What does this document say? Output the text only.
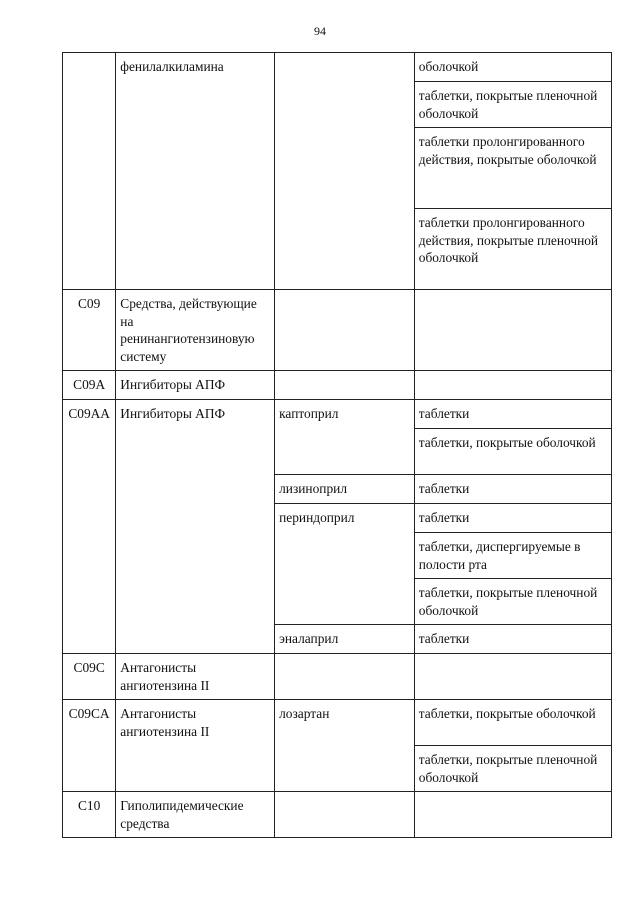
94
	фенилалкиламина		оболочкой
			таблетки, покрытые пленочной оболочкой
			таблетки пролонгированного действия, покрытые оболочкой
			таблетки пролонгированного действия, покрытые пленочной оболочкой
C09	Средства, действующие на ренинангиотензиновую систему		
C09A	Ингибиторы АПФ		
C09AA	Ингибиторы АПФ	каптоприл	таблетки
			таблетки, покрытые оболочкой
		лизиноприл	таблетки
		периндоприл	таблетки
			таблетки, диспергируемые в полости рта
			таблетки, покрытые пленочной оболочкой
		эналаприл	таблетки
C09C	Антагонисты ангиотензина II		
C09CA	Антагонисты ангиотензина II	лозартан	таблетки, покрытые оболочкой
			таблетки, покрытые пленочной оболочкой
C10	Гиполипидемические средства		
